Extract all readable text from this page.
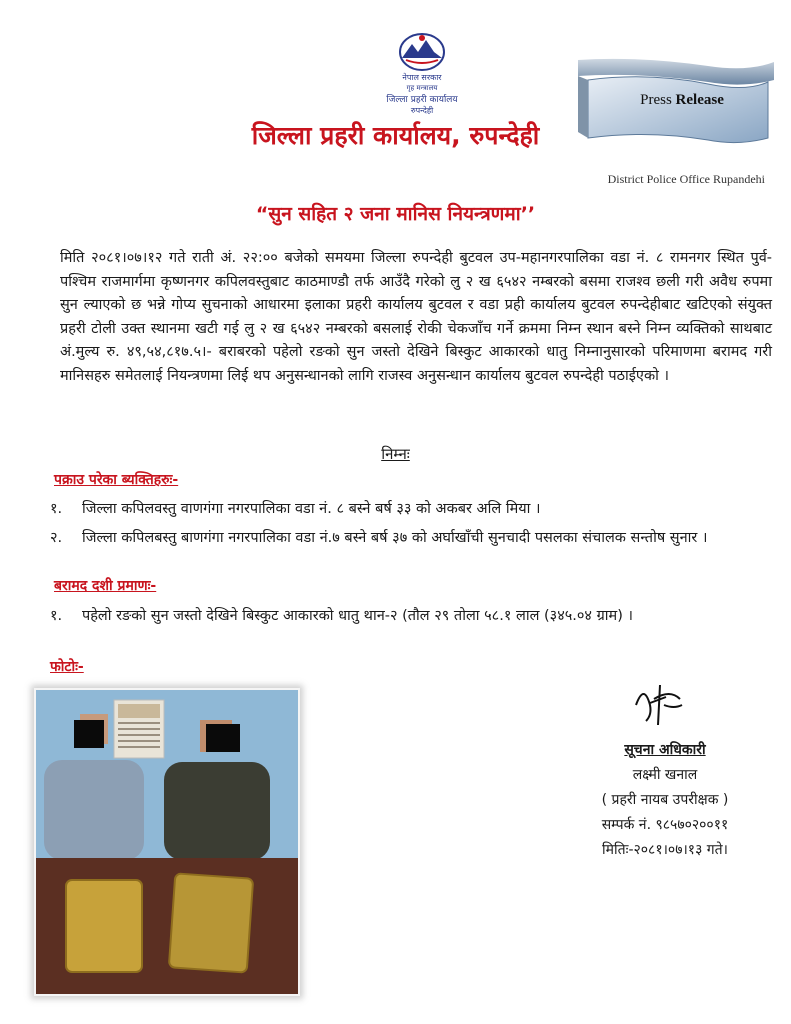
नेपाल सरकार
गृह मन्त्रालय
जिल्ला प्रहरी कार्यालय
रुपन्देही
जिल्ला प्रहरी कार्यालय, रुपन्देही
Press Release
District Police Office Rupandehi
“सुन सहित २ जना मानिस नियन्त्रणमा’’
मिति २०८१।०७।१२ गते राती अं. २२:०० बजेको समयमा जिल्ला रुपन्देही बुटवल उप-महानगरपालिका वडा नं. ८ रामनगर स्थित पुर्व- पश्चिम राजमार्गमा कृष्णनगर कपिलवस्तुबाट काठमाण्डौ तर्फ आउँदै गरेको लु २ ख ६५४२ नम्बरको बसमा राजश्व छली गरी अवैध रुपमा सुन ल्याएको छ भन्ने गोप्य सुचनाको आधारमा इलाका प्रहरी कार्यालय बुटवल र वडा प्रही कार्यालय बुटवल रुपन्देहीबाट खटिएको संयुक्त प्रहरी टोली उक्त स्थानमा खटी गई लु २ ख ६५४२ नम्बरको बसलाई रोकी चेकजाँच गर्ने क्रममा निम्न स्थान बस्ने निम्न व्यक्तिको साथबाट अं.मुल्य रु. ४९,५४,८१७.५।- बराबरको पहेलो रङको सुन जस्तो देखिने बिस्कुट आकारको धातु निम्नानुसारको परिमाणमा बरामद गरी मानिसहरु समेतलाई नियन्त्रणमा लिई थप अनुसन्धानको लागि राजस्व अनुसन्धान कार्यालय बुटवल रुपन्देही पठाईएको ।
निम्नः
पक्राउ परेका ब्यक्तिहरुः-
१.	जिल्ला कपिलवस्तु वाणगंगा नगरपालिका वडा नं. ८ बस्ने बर्ष ३३ को अकबर अलि मिया ।
२.	जिल्ला कपिलबस्तु बाणगंगा नगरपालिका वडा नं.७ बस्ने बर्ष ३७ को अर्घाखाँची सुनचादी पसलका संचालक सन्तोष सुनार ।
बरामद दशी प्रमाणः-
१.	पहेलो रङको सुन जस्तो देखिने बिस्कुट आकारको धातु थान-२ (तौल २९ तोला ५८.१ लाल (३४५.०४ ग्राम) ।
फोटोः-
सूचना अधिकारी
लक्ष्मी खनाल
( प्रहरी नायब उपरीक्षक )
सम्पर्क नं. ९८५७०२००११
मितिः-२०८१।०७।१३ गते।
